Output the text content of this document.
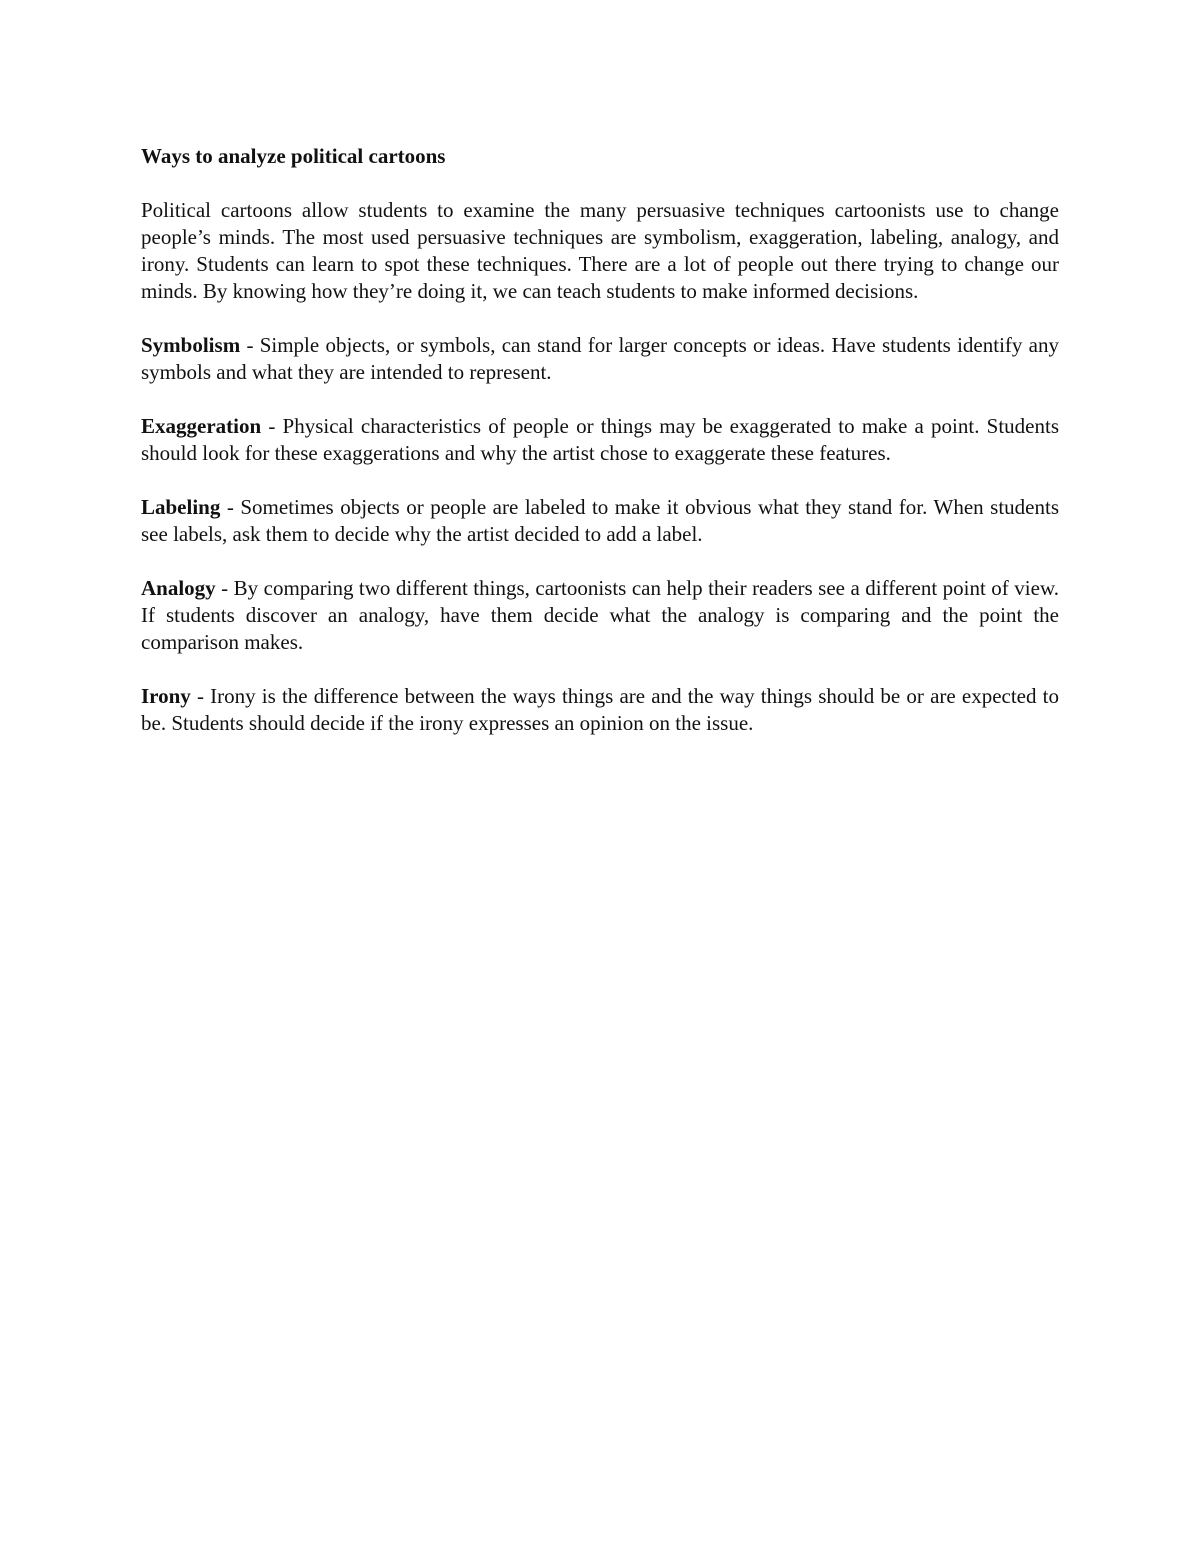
Ways to analyze political cartoons

Political cartoons allow students to examine the many persuasive techniques cartoonists use to change people’s minds. The most used persuasive techniques are symbolism, exaggeration, labeling, analogy, and irony. Students can learn to spot these techniques. There are a lot of people out there trying to change our minds. By knowing how they’re doing it, we can teach students to make informed decisions.

Symbolism - Simple objects, or symbols, can stand for larger concepts or ideas. Have students identify any symbols and what they are intended to represent.

Exaggeration - Physical characteristics of people or things may be exaggerated to make a point. Students should look for these exaggerations and why the artist chose to exaggerate these features.

Labeling - Sometimes objects or people are labeled to make it obvious what they stand for. When students see labels, ask them to decide why the artist decided to add a label.

Analogy - By comparing two different things, cartoonists can help their readers see a different point of view. If students discover an analogy, have them decide what the analogy is comparing and the point the comparison makes.

Irony - Irony is the difference between the ways things are and the way things should be or are expected to be. Students should decide if the irony expresses an opinion on the issue.
